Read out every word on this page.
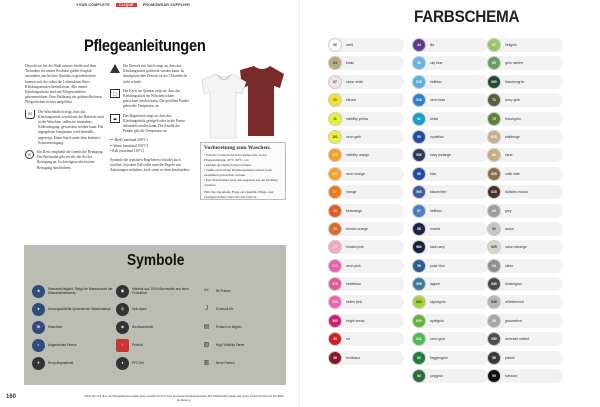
YOUR COMPLETE	CLIQUE	PROMOWEAR SUPPLIER
Pflegeanleitungen

Obwohl wir bei der Wahl unserer Stoffe und ihrer Techniken für unsere Produkte größte Sorgfalt anwenden, um höchste Qualität zu gewährleisten, können sich Sie selbst die Lebensdauer Ihres Kleidungsstückes beeinflussen. Alle unsere Kleidungsstücke sind mit Pflegesymbolen gekennzeichnet. Eine Erklärung der gebräuchlichsten Pflegezeichen ist hier aufgeführt.

30	Der Waschbottich zeigt, dass das Kleidungsstück sowohl mit der Hand als auch in der Waschine, inklusive normalem Schleudergang, gewaschen werden kann. Die angegebene Temperatur wird ebenfalls angezeigt. Einen Strich unter dem bedeutet Schonwaschgang.
B	Ein Kreis empfiehlt die chemische Reinigung. Der Buchstabe gibt jeweils die Art der Reinigung an. Ist durchgestrichen keine Reinigung durchführen.
Ein Dreieck mit Strich zeigt an, dass das Kleidungsstück gebleicht werden kann. Ist durchgestrichen Dreieck ist die Chlorbleiche nicht erlaubt.
◯	Der Kreis im Quadrat zeigt an, dass das Kleidungsstück im Wäschetrockner getrocknet werden kann. Die gefüllten Punkte geben die Temperatur an.
⏏	Das Bügeleisen zeigt an, dass das Kleidungsstück gebügelt oder in die Presse behandelt werden kann. Die Anzahl der Punkte gibt die Temperatur an.
••• Heiß (maximal 200°C)
•• Warm (maximal 150°C)
• Kalt (maximal 110°C)

Symbole die typischen Begebenen (erlaubt) auch erwähnt. In jedem Fall sollte man die Regeln von Anleitungen einhalten, auch wenn es oben beschrieben.

Vorbereitung zum Waschen:
• Wäsche sortieren nach der Temperatur in der Pflegeanleitung, 40°C, 60°C, etc.
• Dunkle und helle Farben trennen.
• Weiße und farbige Kleidungsstücke sollten nicht zusammen gewaschen werden.
• Das Waschmittel nach den Angaben auf der Packung dosieren.
Falls Sie irgendeine Frage zur Qualität, Pflege oder sonstigen haben, rufen Sie uns bitte an.
Symbole
♣	Wasserdichtigkeit, Steigt die Wassersäule der Wasserabweisende	◉	Material aus 100% Baumwolle aus fairer Produktion	✂	für Frauen
●	Atmungsaktivität dynamischer Wasserdampf	◎	Spin-dyed	J	Eindruck für
♒	Waschbar	◈	Bio-Baumwolle	▤	Einfach zu bügeln
◐	Angerauhtes Fleece	!	Prolicht	▨	High Visibility Farbe
✈	Recyclingmaterial	♦	PFC-frei	▥	Neue Farben
160	Wenn Sie sich über die Pflegehinweise unklar sind, wenden Sie sich bitte an unsere Kundenbetreuung. Die Maßtabellen geben eine grobe Übersicht über die Produkte im Katalog.
FARBSCHEMA
00	weiß
04	khaki
07	stone white
10	zitrone
11	visibility yellow
101	neon gelb
170	visibility orange
171	neon orange
17	orange
18	blutorange
19	burned orange
20	frosted pink
211	neon pink
216	heideblau
250	helles pink
300	bright cerise
35	rot
38	bordeaux
44	lila
50	sky blue
515	hellblau
516	neon blau
51	türkis
55	royalblau
556	navy melange
56	blau
565	blaumeliert
57	hellblau
58	marine
580	dark navy
59	polar blue
595	lagune
600	signalgrün
605	apfelgrün
611	neon grün
62	flaggengrün
63	junggrün
67	hellgrün
69	grün meliert
690	flaschengrün
71	army grün
75	froschgrün
815	halbbeige
82	sand
820	caffe latte
815	dunkles mocca
90	grey
92	asche
925	natur melange
94	silber
945	dunkelgrau
949	reflektierend
95	graumeliert
955	anthrazit meliert
96	pistole
99	schwarz
